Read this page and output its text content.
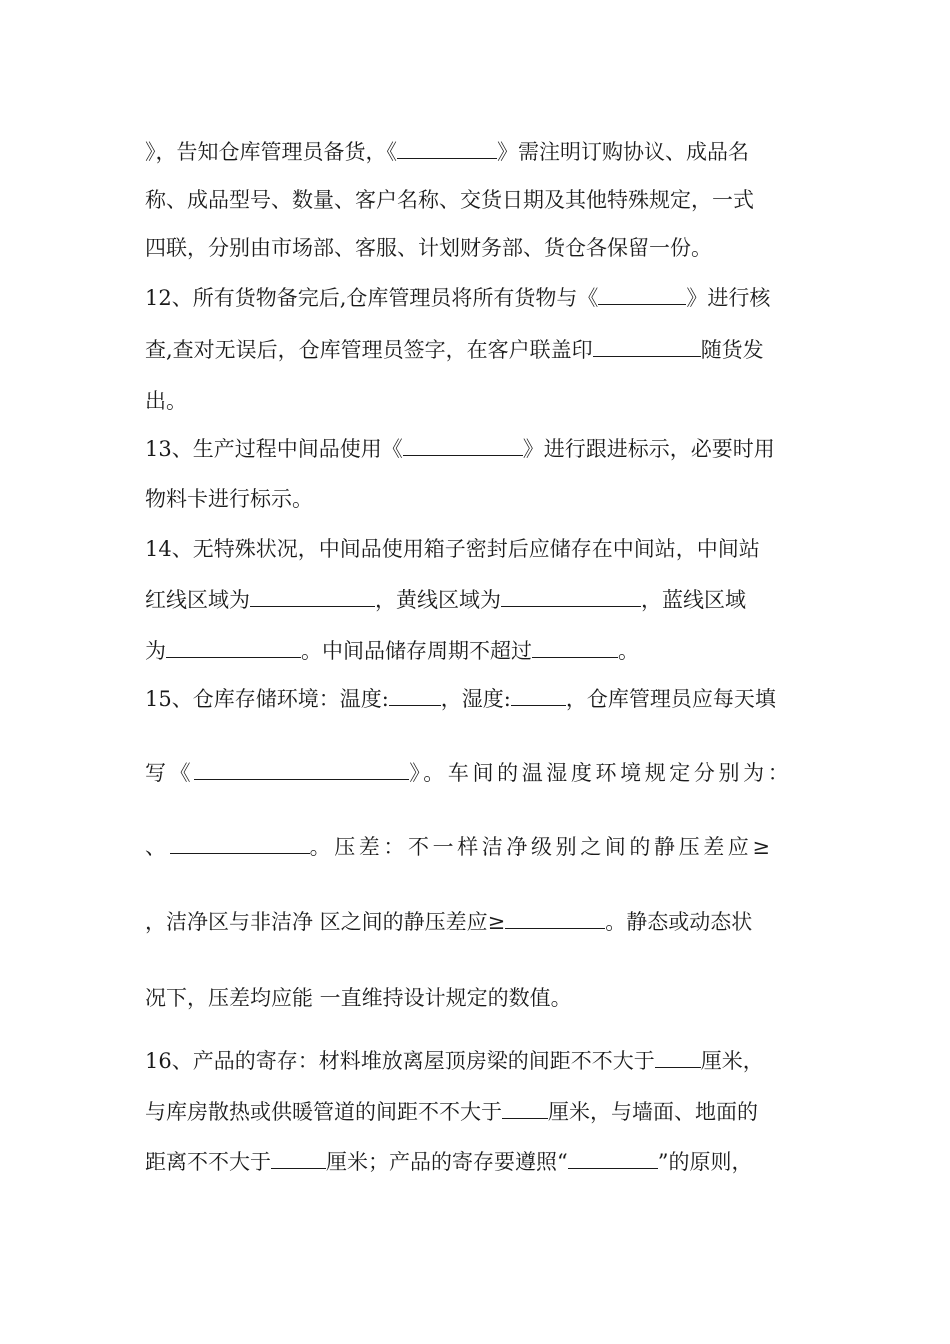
》，告知仓库管理员备货，《	》需注明订购协议、成品名
称、成品型号、数量、客户名称、交货日期及其他特殊规定，一式
四联，分别由市场部、客服、计划财务部、货仓各保留一份。
12、所有货物备完后,仓库管理员将所有货物与《	》进行核
查,查对无误后，仓库管理员签字，在客户联盖印	随货发
出。
13、生产过程中间品使用《	》进行跟进标示，必要时用
物料卡进行标示。
14、无特殊状况，中间品使用箱子密封后应储存在中间站，中间站
红线区域为	，黄线区域为	，蓝线区域
为	。中间品储存周期不超过	。
15、仓库存储环境：温度: ，湿度:	，仓库管理员应每天填
写《	》。车间的温湿度环境规定分别为：
、	。压差：不一样洁净级别之间的静压差应≥
，洁净区与非洁净 区之间的静压差应≥	。静态或动态状
况下，压差均应能 一直维持设计规定的数值。
16、产品的寄存：材料堆放离屋顶房梁的间距不不大于 厘米，
与库房散热或供暖管道的间距不不大于 厘米，与墙面、地面的
距离不不大于	厘米；产品的寄存要遵照“	”的原则，
